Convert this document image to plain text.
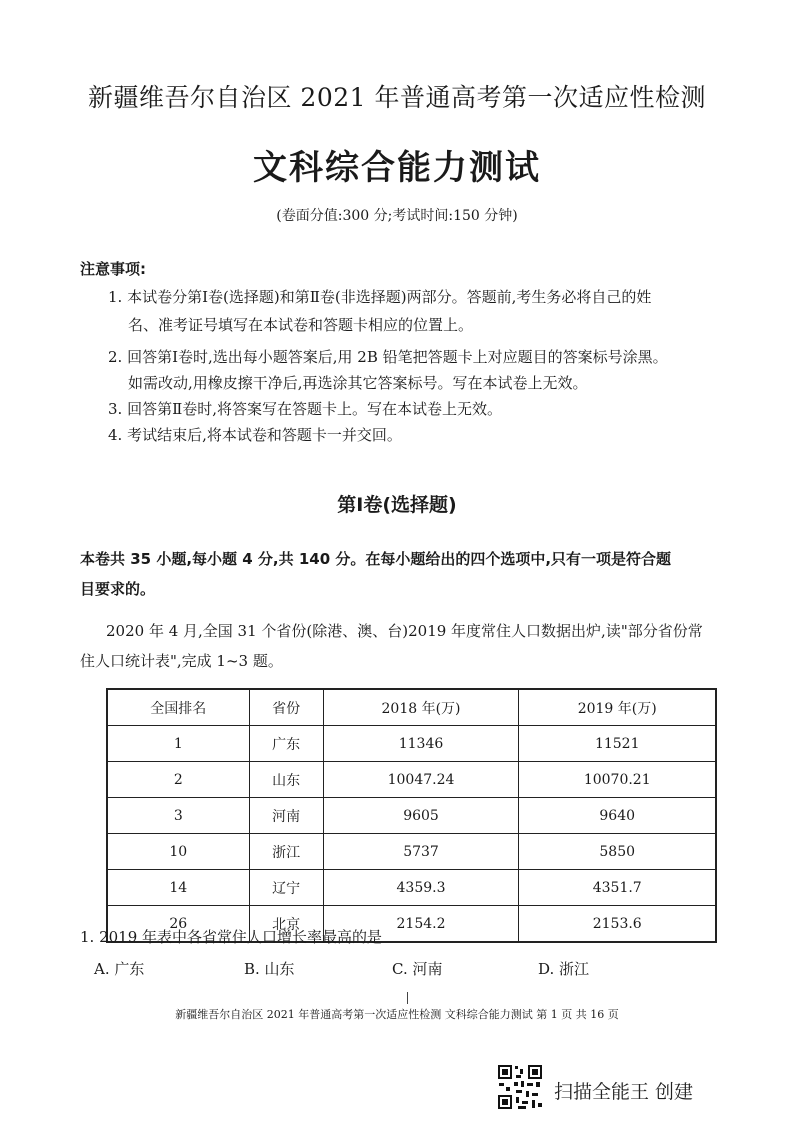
新疆维吾尔自治区 2021 年普通高考第一次适应性检测
文科综合能力测试
(卷面分值:300 分;考试时间:150 分钟)
注意事项:
1. 本试卷分第Ⅰ卷(选择题)和第Ⅱ卷(非选择题)两部分。答题前,考生务必将自己的姓
名、准考证号填写在本试卷和答题卡相应的位置上。
2. 回答第Ⅰ卷时,选出每小题答案后,用 2B 铅笔把答题卡上对应题目的答案标号涂黑。
如需改动,用橡皮擦干净后,再选涂其它答案标号。写在本试卷上无效。
3. 回答第Ⅱ卷时,将答案写在答题卡上。写在本试卷上无效。
4. 考试结束后,将本试卷和答题卡一并交回。
第Ⅰ卷(选择题)
本卷共 35 小题,每小题 4 分,共 140 分。在每小题给出的四个选项中,只有一项是符合题
目要求的。
2020 年 4 月,全国 31 个省份(除港、澳、台)2019 年度常住人口数据出炉,读"部分省份常
住人口统计表",完成 1~3 题。
全国排名	省份	2018 年(万)	2019 年(万)
1	广东	11346	11521
2	山东	10047.24	10070.21
3	河南	9605	9640
10	浙江	5737	5850
14	辽宁	4359.3	4351.7
26	北京	2154.2	2153.6
1. 2019 年表中各省常住人口增长率最高的是
A. 广东	B. 山东	C. 河南	D. 浙江
新疆维吾尔自治区 2021 年普通高考第一次适应性检测 文科综合能力测试 第 1 页 共 16 页
扫描全能王 创建
